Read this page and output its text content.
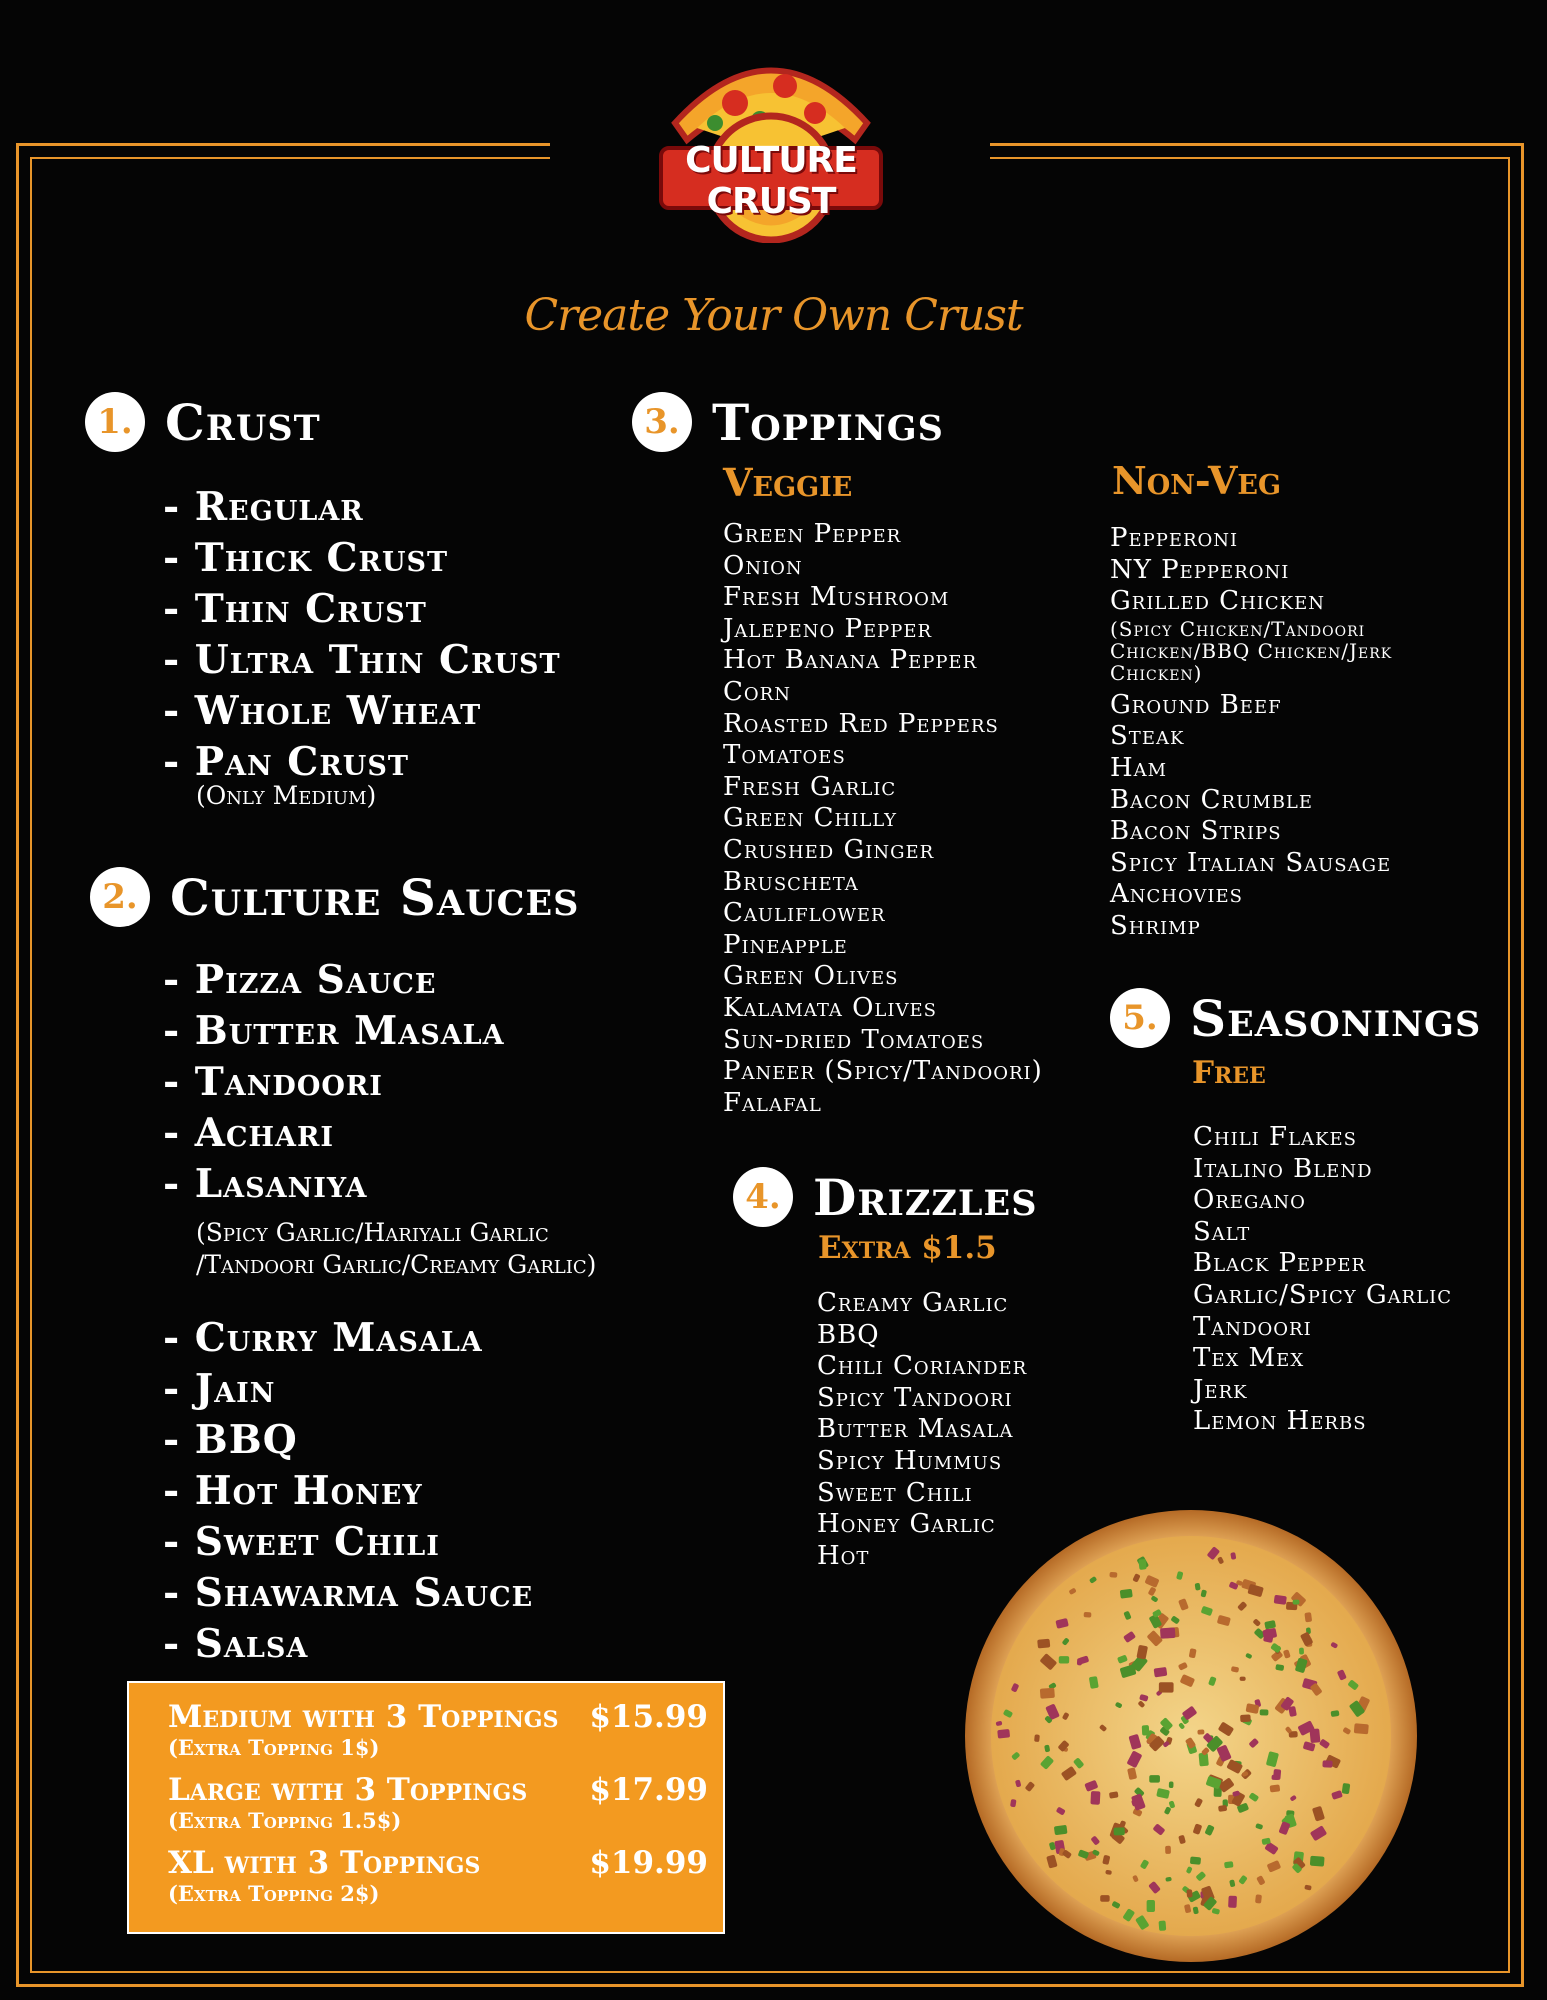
CULTURE CRUST
Create Your Own Crust
1. Crust
- Regular
- Thick Crust
- Thin Crust
- Ultra Thin Crust
- Whole Wheat
- Pan Crust
(Only Medium)
2. Culture Sauces
- Pizza Sauce
- Butter Masala
- Tandoori
- Achari
- Lasaniya
(Spicy Garlic/Hariyali Garlic
/Tandoori Garlic/Creamy Garlic)
- Curry Masala
- Jain
- BBQ
- Hot Honey
- Sweet Chili
- Shawarma Sauce
- Salsa
3. Toppings
Veggie
Green Pepper
Onion
Fresh Mushroom
Jalepeno Pepper
Hot Banana Pepper
Corn
Roasted Red Peppers
Tomatoes
Fresh Garlic
Green Chilly
Crushed Ginger
Bruscheta
Cauliflower
Pineapple
Green Olives
Kalamata Olives
Sun-dried Tomatoes
Paneer (Spicy/Tandoori)
Falafal
Non-Veg
Pepperoni
NY Pepperoni
Grilled Chicken
(Spicy Chicken/Tandoori
Chicken/BBQ Chicken/Jerk
Chicken)
Ground Beef
Steak
Ham
Bacon Crumble
Bacon Strips
Spicy Italian Sausage
Anchovies
Shrimp
4. Drizzles
Extra $1.5
Creamy Garlic
BBQ
Chili Coriander
Spicy Tandoori
Butter Masala
Spicy Hummus
Sweet Chili
Honey Garlic
Hot
5. Seasonings
Free
Chili Flakes
Italino Blend
Oregano
Salt
Black Pepper
Garlic/Spicy Garlic
Tandoori
Tex Mex
Jerk
Lemon Herbs
Medium with 3 Toppings $15.99
(Extra Topping 1$)
Large with 3 Toppings $17.99
(Extra Topping 1.5$)
XL with 3 Toppings	$19.99
(Extra Topping 2$)
